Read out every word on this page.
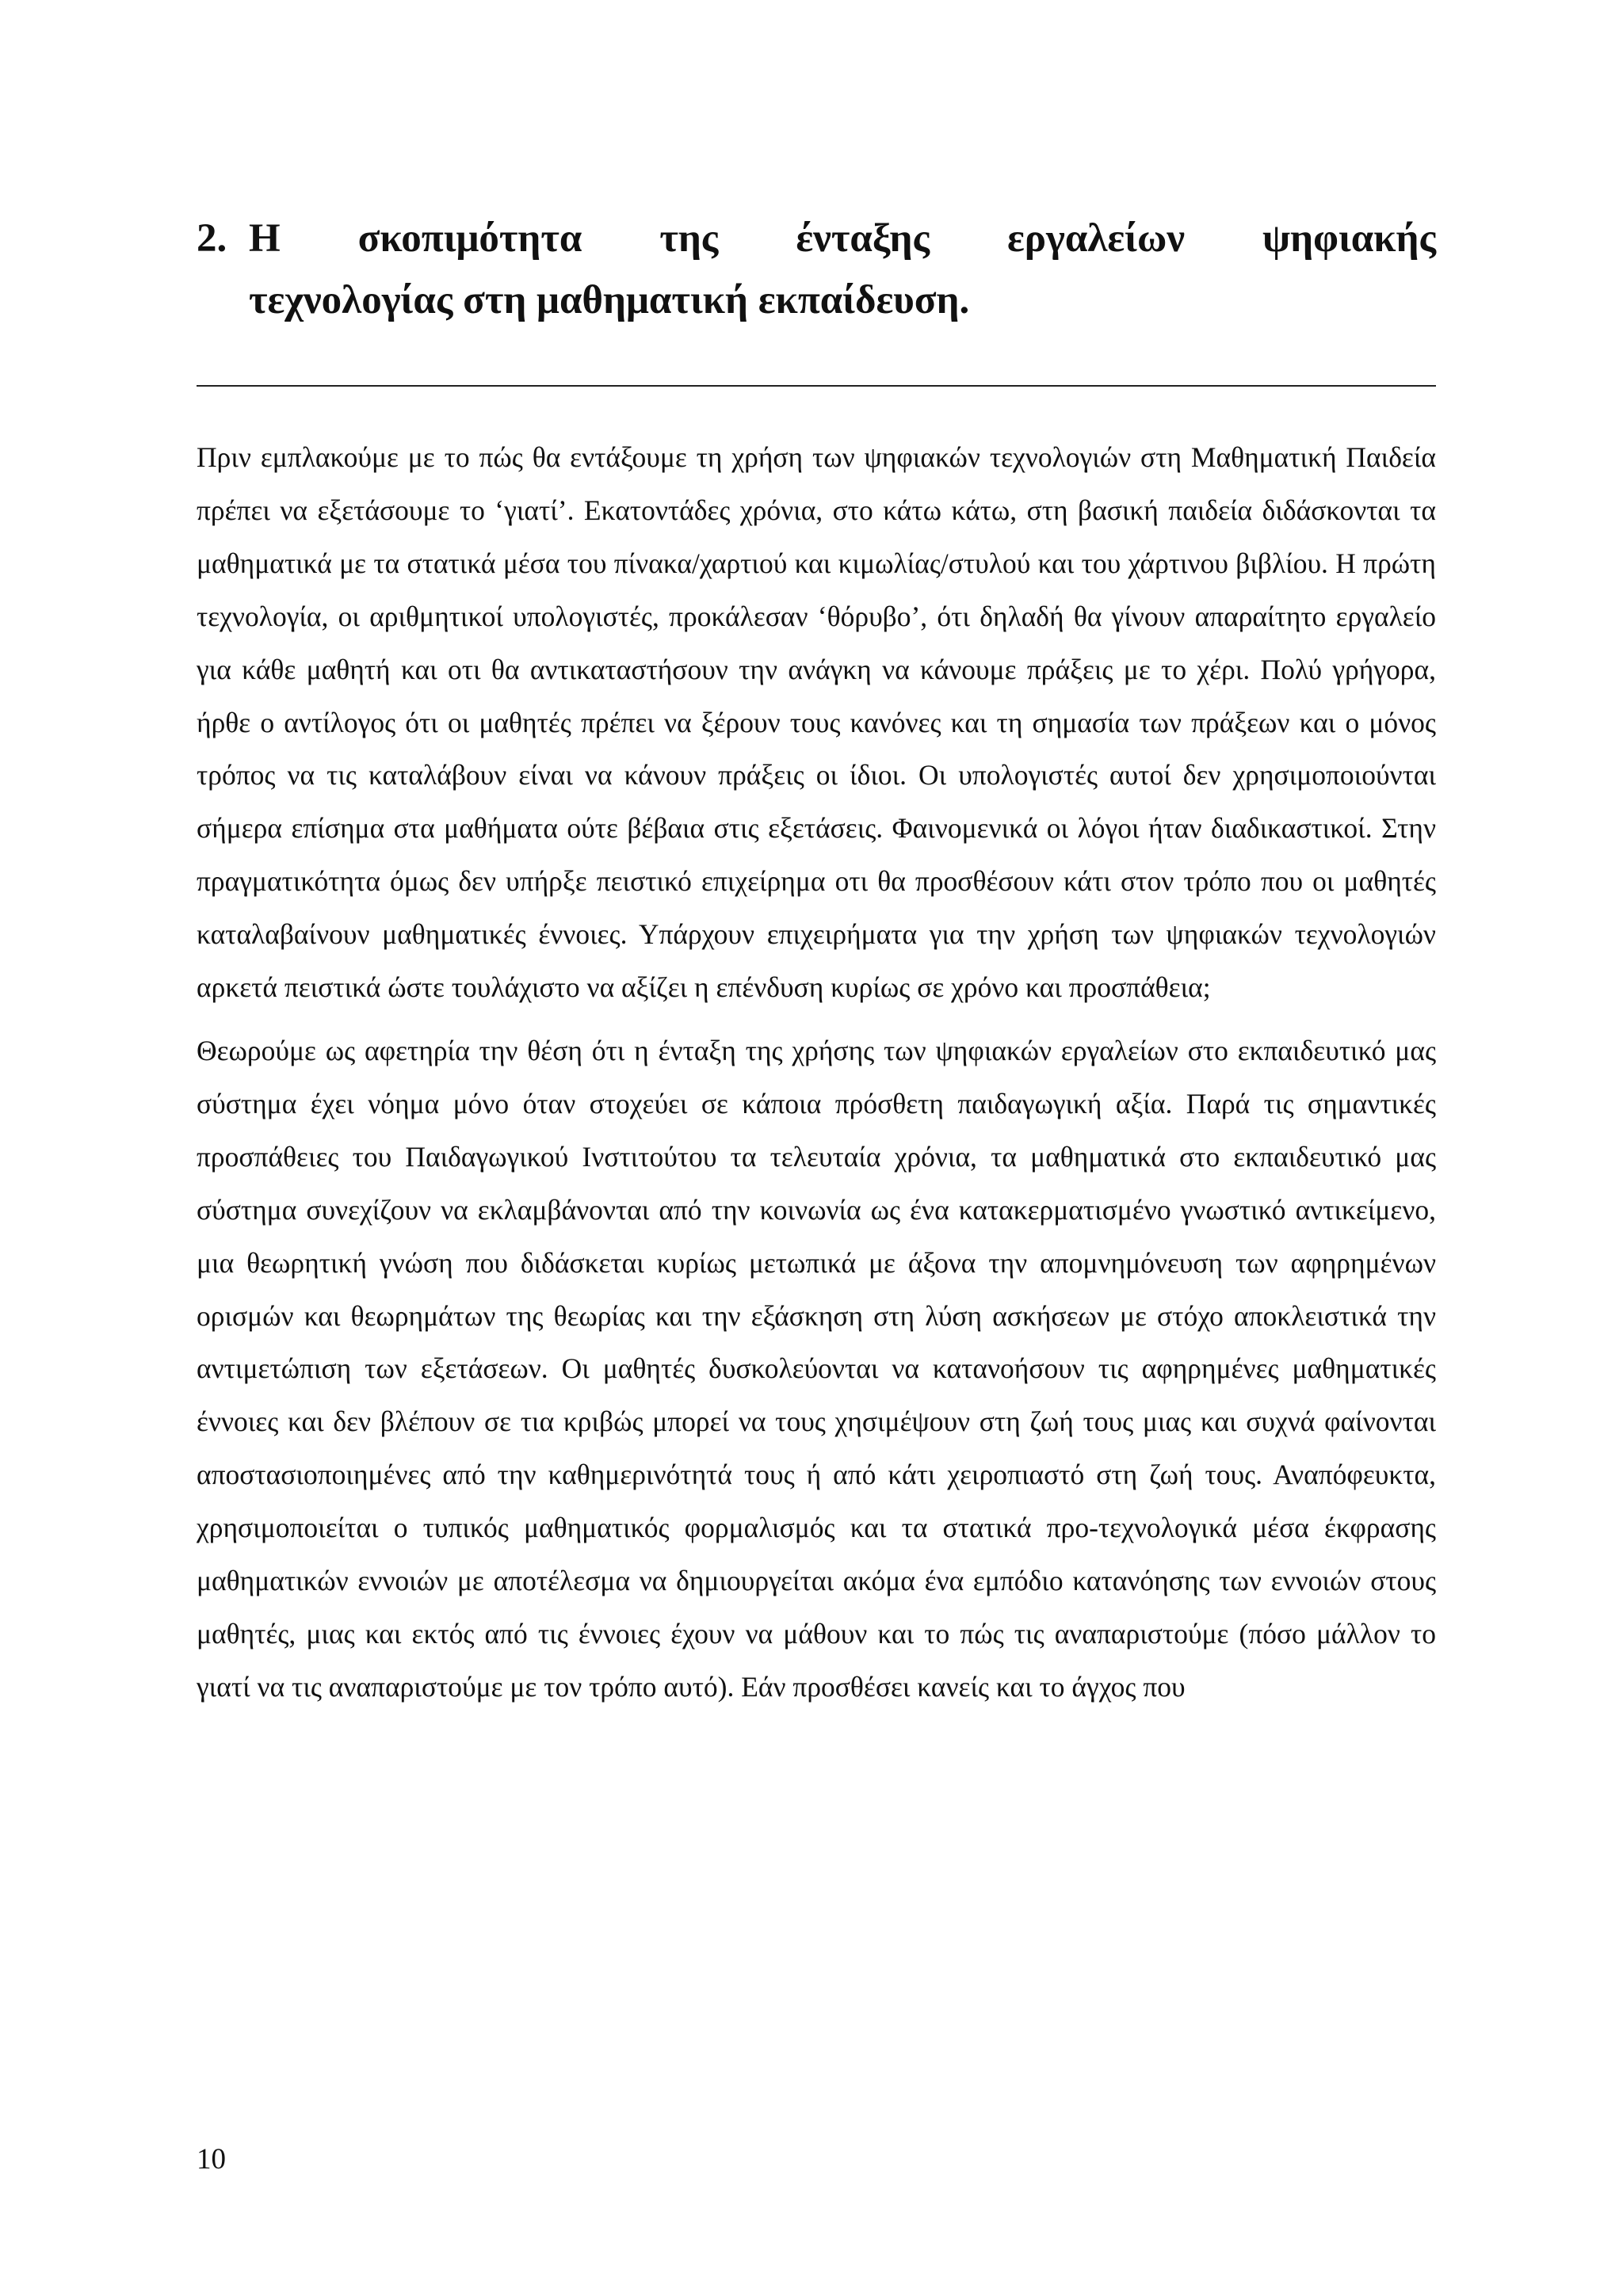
2. Η σκοπιμότητα της ένταξης εργαλείων ψηφιακής
τεχνολογίας στη μαθηματική εκπαίδευση.

Πριν εμπλακούμε με το πώς θα εντάξουμε τη χρήση των ψηφιακών τεχνολογιών στη Μαθηματική Παιδεία πρέπει να εξετάσουμε το ‘γιατί’. Εκατοντάδες χρόνια, στο κάτω κάτω, στη βασική παιδεία διδάσκονται τα μαθηματικά με τα στατικά μέσα του πίνακα/χαρτιού και κιμωλίας/στυλού και του χάρτινου βιβλίου. Η πρώτη τεχνολογία, οι αριθμητικοί υπολογιστές, προκάλεσαν ‘θόρυβο’, ότι δηλαδή θα γίνουν απαραίτητο εργαλείο για κάθε μαθητή και οτι θα αντικαταστήσουν την ανάγκη να κάνουμε πράξεις με το χέρι. Πολύ γρήγορα, ήρθε ο αντίλογος ότι οι μαθητές πρέπει να ξέρουν τους κανόνες και τη σημασία των πράξεων και ο μόνος τρόπος να τις καταλάβουν είναι να κάνουν πράξεις οι ίδιοι. Οι υπολογιστές αυτοί δεν χρησιμοποιούνται σήμερα επίσημα στα μαθήματα ούτε βέβαια στις εξετάσεις. Φαινομενικά οι λόγοι ήταν διαδικαστικοί. Στην πραγματικότητα όμως δεν υπήρξε πειστικό επιχείρημα οτι θα προσθέσουν κάτι στον τρόπο που οι μαθητές καταλαβαίνουν μαθηματικές έννοιες. Υπάρχουν επιχειρήματα για την χρήση των ψηφιακών τεχνολογιών αρκετά πειστικά ώστε τουλάχιστο να αξίζει η επένδυση κυρίως σε χρόνο και προσπάθεια;

Θεωρούμε ως αφετηρία την θέση ότι η ένταξη της χρήσης των ψηφιακών εργαλείων στο εκπαιδευτικό μας σύστημα έχει νόημα μόνο όταν στοχεύει σε κάποια πρόσθετη παιδαγωγική αξία. Παρά τις σημαντικές προσπάθειες του Παιδαγωγικού Ινστιτούτου τα τελευταία χρόνια, τα μαθηματικά στο εκπαιδευτικό μας σύστημα συνεχίζουν να εκλαμβάνονται από την κοινωνία ως ένα κατακερματισμένο γνωστικό αντικείμενο, μια θεωρητική γνώση που διδάσκεται κυρίως μετωπικά με άξονα την απομνημόνευση των αφηρημένων ορισμών και θεωρημάτων της θεωρίας και την εξάσκηση στη λύση ασκήσεων με στόχο αποκλειστικά την αντιμετώπιση των εξετάσεων. Οι μαθητές δυσκολεύονται να κατανοήσουν τις αφηρημένες μαθηματικές έννοιες και δεν βλέπουν σε τια κριβώς μπορεί να τους χησιμέψουν στη ζωή τους μιας και συχνά φαίνονται αποστασιοποιημένες από την καθημερινότητά τους ή από κάτι χειροπιαστό στη ζωή τους. Αναπόφευκτα, χρησιμοποιείται ο τυπικός μαθηματικός φορμαλισμός και τα στατικά προ-τεχνολογικά μέσα έκφρασης μαθηματικών εννοιών με αποτέλεσμα να δημιουργείται ακόμα ένα εμπόδιο κατανόησης των εννοιών στους μαθητές, μιας και εκτός από τις έννοιες έχουν να μάθουν και το πώς τις αναπαριστούμε (πόσο μάλλον το γιατί να τις αναπαριστούμε με τον τρόπο αυτό). Εάν προσθέσει κανείς και το άγχος που

10
